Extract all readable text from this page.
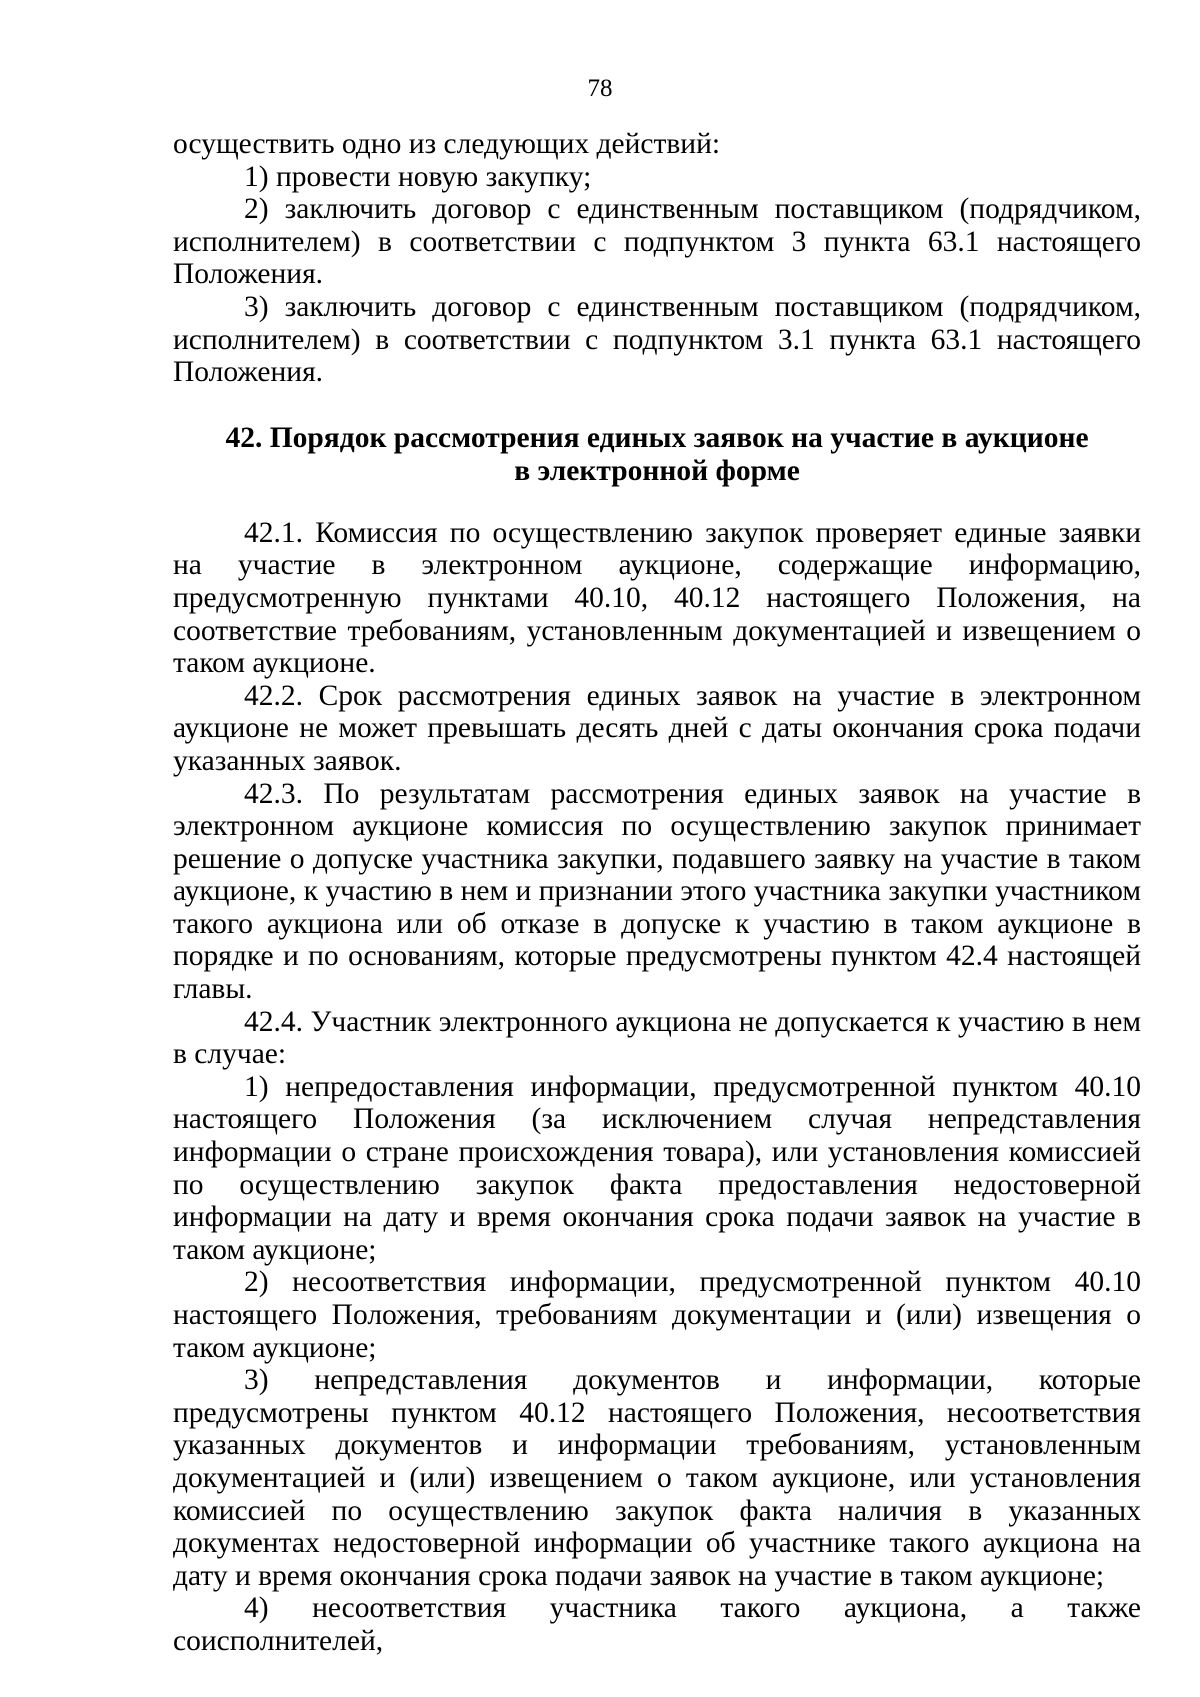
78

осуществить одно из следующих действий:

1) провести новую закупку;

2) заключить договор с единственным поставщиком (подрядчиком, исполнителем) в соответствии с подпунктом 3 пункта 63.1 настоящего Положения.

3) заключить договор с единственным поставщиком (подрядчиком, исполнителем) в соответствии с подпунктом 3.1 пункта 63.1 настоящего Положения.

42. Порядок рассмотрения единых заявок на участие в аукционе
в электронной форме

42.1. Комиссия по осуществлению закупок проверяет единые заявки на участие в электронном аукционе, содержащие информацию, предусмотренную пунктами 40.10, 40.12 настоящего Положения, на соответствие требованиям, установленным документацией и извещением о таком аукционе.

42.2. Срок рассмотрения единых заявок на участие в электронном аукционе не может превышать десять дней с даты окончания срока подачи указанных заявок.

42.3. По результатам рассмотрения единых заявок на участие в электронном аукционе комиссия по осуществлению закупок принимает решение о допуске участника закупки, подавшего заявку на участие в таком аукционе, к участию в нем и признании этого участника закупки участником такого аукциона или об отказе в допуске к участию в таком аукционе в порядке и по основаниям, которые предусмотрены пунктом 42.4 настоящей главы.

42.4. Участник электронного аукциона не допускается к участию в нем в случае:

1) непредоставления информации, предусмотренной пунктом 40.10 настоящего Положения (за исключением случая непредставления информации о стране происхождения товара), или установления комиссией по осуществлению закупок факта предоставления недостоверной информации на дату и время окончания срока подачи заявок на участие в таком аукционе;

2) несоответствия информации, предусмотренной пунктом 40.10 настоящего Положения, требованиям документации и (или) извещения о таком аукционе;

3) непредставления документов и информации, которые предусмотрены пунктом 40.12 настоящего Положения, несоответствия указанных документов и информации требованиям, установленным документацией и (или) извещением о таком аукционе, или установления комиссией по осуществлению закупок факта наличия в указанных документах недостоверной информации об участнике такого аукциона на дату и время окончания срока подачи заявок на участие в таком аукционе;

4) несоответствия участника такого аукциона, а также соисполнителей,
